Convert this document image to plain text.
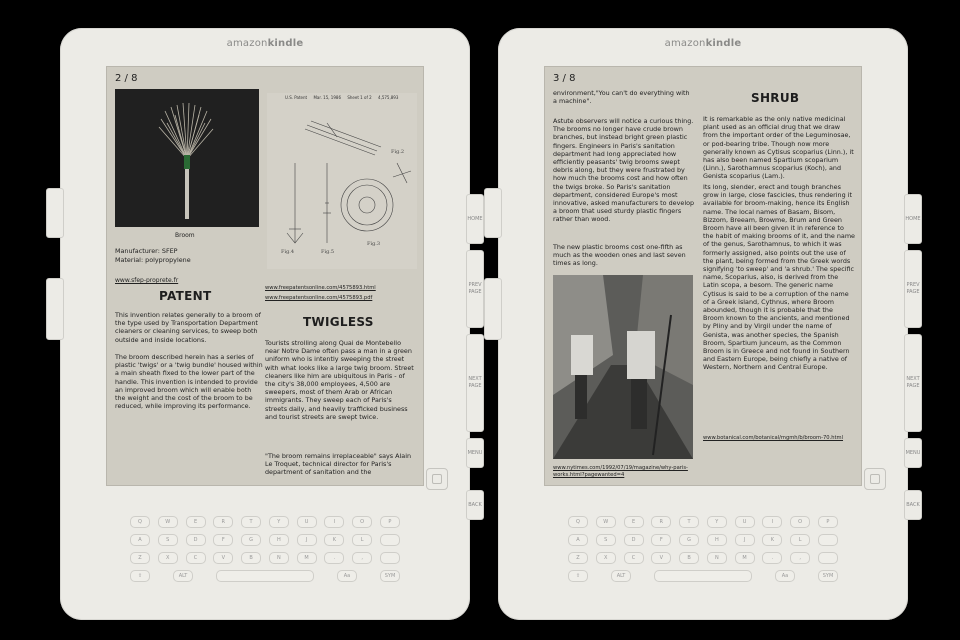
amazonkindle
2 / 8
Broom
Manufacturer: SFEP
Material: polypropylene
www.sfep-proprete.fr
U.S. Patent     Mar. 15, 1986     Sheet 1 of 2     4,575,893
Fig.4	Fig.5
Fig.3
Fig.2
www.freepatentsonline.com/4575893.html
www.freepatentsonline.com/4575893.pdf
PATENT
This invention relates generally to a broom of the type used by Transportation Department cleaners or cleaning services, to sweep both outside and inside locations.
The broom described herein has a series of plastic 'twigs' or a 'twig bundle' housed within a main sheath fixed to the lower part of the handle. This invention is intended to provide an improved broom which will enable both the weight and the cost of the broom to be reduced, while improving its performance.
TWIGLESS
Tourists strolling along Quai de Montebello near Notre Dame often pass a man in a green uniform who is intently sweeping the street with what looks like a large twig broom. Street cleaners like him are ubiquitous in Paris - of the city's 38,000 employees, 4,500 are sweepers, most of them Arab or African immigrants. They sweep each of Paris's streets daily, and heavily trafficked business and tourist streets are swept twice.
"The broom remains irreplaceable" says Alain Le Troquet, technical director for Paris's department of sanitation and the
HOME
PREV PAGE
NEXT PAGE
MENU
BACK
Q	W	E	R	T	Y	U	I	O	P
A	S	D	F	G	H	J	K	L
Z	X	C	V	B	N	M	.	,
⇧	ALT	Aa	SYM
amazonkindle
3 / 8
environment,"You can't do everything with a machine".
Astute observers will notice a curious thing. The brooms no longer have crude brown branches, but instead bright green plastic fingers. Engineers in Paris's sanitation department had long appreciated how efficiently peasants' twig brooms swept debris along, but they were frustrated by how much the brooms cost and how often the twigs broke. So Paris's sanitation department, considered Europe's most innovative, asked manufacturers to develop a broom that used sturdy plastic fingers rather than wood.
The new plastic brooms cost one-fifth as much as the wooden ones and last seven times as long.
www.nytimes.com/1992/07/19/magazine/why-paris-works.html?pagewanted=4
SHRUB
It is remarkable as the only native medicinal plant used as an official drug that we draw from the important order of the Leguminosae, or pod-bearing tribe. Though now more generally known as Cytisus scoparius (Linn.), it has also been named Spartium scoparium (Linn.), Sarothamnus scoparius (Koch), and Genista scoparius (Lam.).
Its long, slender, erect and tough branches grow in large, close fascicles, thus rendering it available for broom-making, hence its English name. The local names of Basam, Bisom, Bizzom, Breeam, Browme, Brum and Green Broom have all been given it in reference to the habit of making brooms of it, and the name of the genus, Sarothamnus, to which it was formerly assigned, also points out the use of the plant, being formed from the Greek words signifying 'to sweep' and 'a shrub.' The specific name, Scoparius, also, is derived from the Latin scopa, a besom. The generic name Cytisus is said to be a corruption of the name of a Greek island, Cythnus, where Broom abounded, though it is probable that the Broom known to the ancients, and mentioned by Pliny and by Virgil under the name of Genista, was another species, the Spanish Broom, Spartium junceum, as the Common Broom is in Greece and not found in Southern and Eastern Europe, being chiefly a native of Western, Northern and Central Europe.
www.botanical.com/botanical/mgmh/b/broom-70.html
HOME
PREV PAGE
NEXT PAGE
MENU
BACK
Q	W	E	R	T	Y	U	I	O	P
A	S	D	F	G	H	J	K	L
Z	X	C	V	B	N	M	.	,
⇧	ALT	Aa	SYM
